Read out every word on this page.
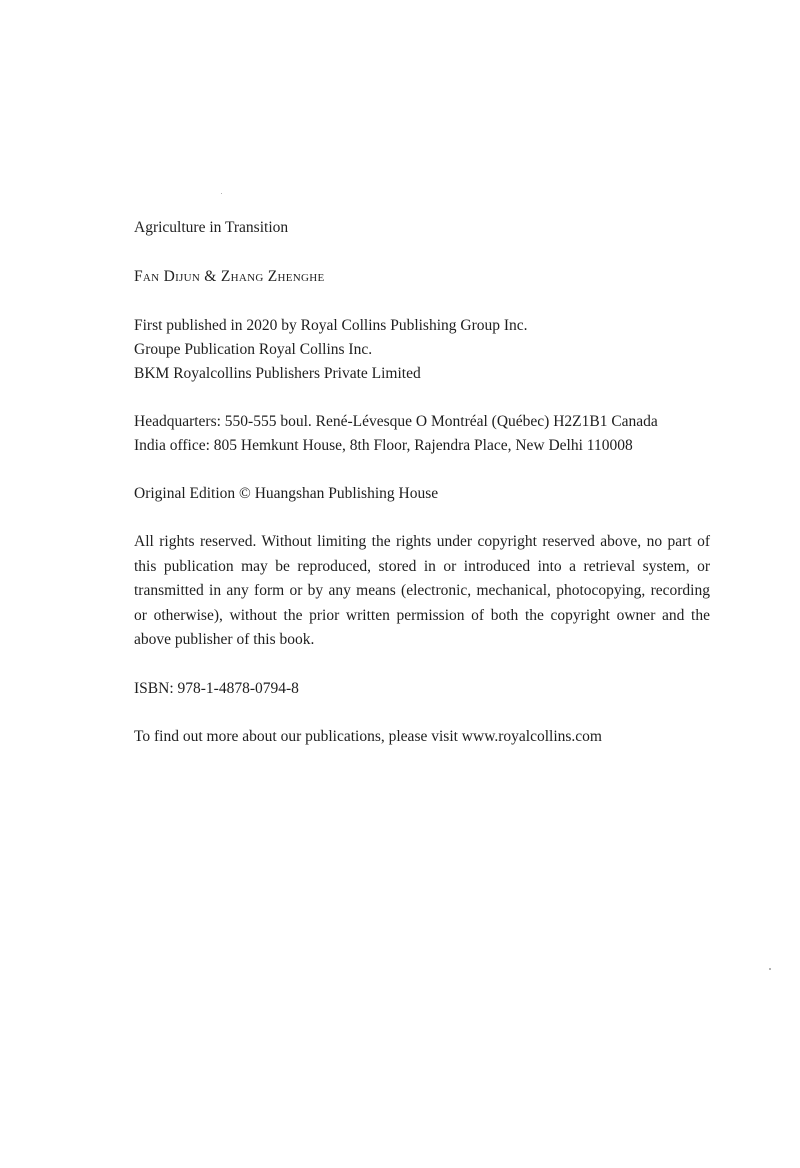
Agriculture in Transition

Fan Dijun & Zhang Zhenghe

First published in 2020 by Royal Collins Publishing Group Inc.
Groupe Publication Royal Collins Inc.
BKM Royalcollins Publishers Private Limited

Headquarters: 550-555 boul. René-Lévesque O Montréal (Québec) H2Z1B1 Canada
India office: 805 Hemkunt House, 8th Floor, Rajendra Place, New Delhi 110008

Original Edition © Huangshan Publishing House

All rights reserved. Without limiting the rights under copyright reserved above, no part of this publication may be reproduced, stored in or introduced into a retrieval system, or transmitted in any form or by any means (electronic, mechanical, photocopying, recording or otherwise), without the prior written permission of both the copyright owner and the above publisher of this book.

ISBN: 978-1-4878-0794-8

To find out more about our publications, please visit www.royalcollins.com
